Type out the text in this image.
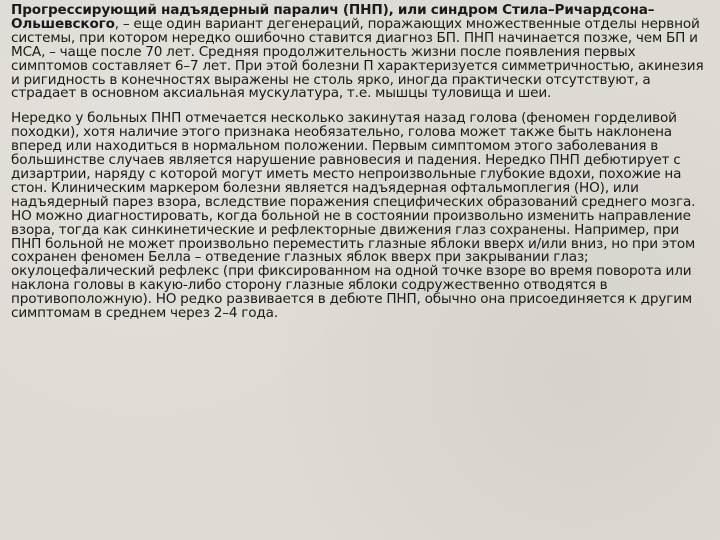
Прогрессирующий надъядерный паралич (ПНП), или синдром Стила–Ричардсона–Ольшевского, – еще один вариант дегенераций, поражающих множественные отделы нервной системы, при котором нередко ошибочно ставится диагноз БП. ПНП начинается позже, чем БП и МСА, – чаще после 70 лет. Средняя продолжительность жизни после появления первых симптомов составляет 6–7 лет. При этой болезни П характеризуется симметричностью, акинезия и ригидность в конечностях выражены не столь ярко, иногда практически отсутствуют, а страдает в основном аксиальная мускулатура, т.е. мышцы туловища и шеи.

Нередко у больных ПНП отмечается несколько закинутая назад голова (феномен горделивой походки), хотя наличие этого признака необязательно, голова может также быть наклонена вперед или находиться в нормальном положении. Первым симптомом этого заболевания в большинстве случаев является нарушение равновесия и падения. Нередко ПНП дебютирует с дизартрии, наряду с которой могут иметь место непроизвольные глубокие вдохи, похожие на стон. Клиническим маркером болезни является надъядерная офтальмоплегия (НО), или надъядерный парез взора, вследствие поражения специфических образований среднего мозга. НО можно диагностировать, когда больной не в состоянии произвольно изменить направление взора, тогда как синкинетические и рефлекторные движения глаз сохранены. Например, при ПНП больной не может произвольно переместить глазные яблоки вверх и/или вниз, но при этом сохранен феномен Белла – отведение глазных яблок вверх при закрывании глаз; окулоцефалический рефлекс (при фиксированном на одной точке взоре во время поворота или наклона головы в какую-либо сторону глазные яблоки содружественно отводятся в противоположную). НО редко развивается в дебюте ПНП, обычно она присоединяется к другим симптомам в среднем через 2–4 года.
